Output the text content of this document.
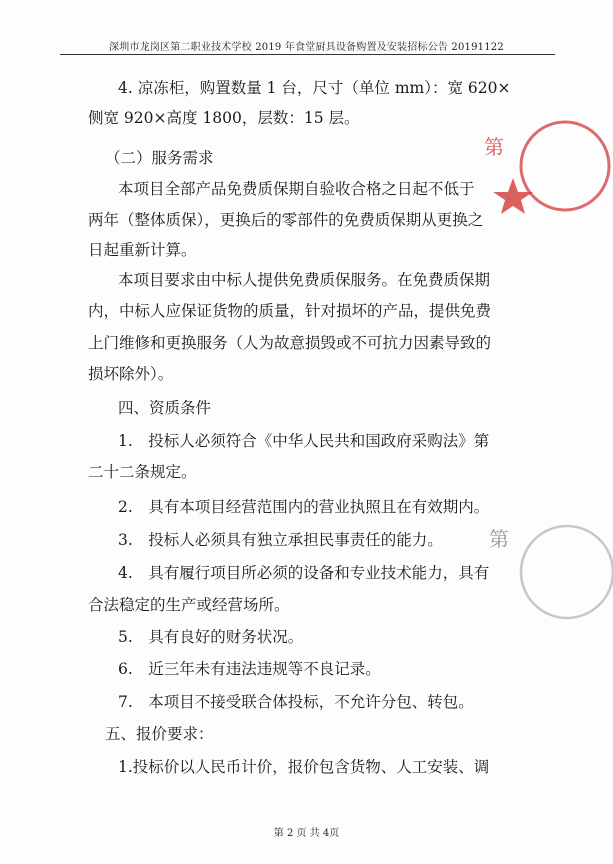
深圳市龙岗区第二职业技术学校 2019 年食堂厨具设备购置及安装招标公告 20191122
4. 凉冻柜，购置数量 1 台，尺寸（单位 mm）：宽 620×
侧宽 920×高度 1800，层数：15 层。
（二）服务需求
本项目全部产品免费质保期自验收合格之日起不低于
两年（整体质保），更换后的零部件的免费质保期从更换之
日起重新计算。
本项目要求由中标人提供免费质保服务。在免费质保期
内，中标人应保证货物的质量，针对损坏的产品，提供免费
上门维修和更换服务（人为故意损毁或不可抗力因素导致的
损坏除外）。
四、资质条件
1.　投标人必须符合《中华人民共和国政府采购法》第
二十二条规定。
2.　具有本项目经营范围内的营业执照且在有效期内。
3.　投标人必须具有独立承担民事责任的能力。
4.　具有履行项目所必须的设备和专业技术能力，具有
合法稳定的生产或经营场所。
5.　具有良好的财务状况。
6.　近三年未有违法违规等不良记录。
7.　本项目不接受联合体投标，不允许分包、转包。
五、报价要求：
1.投标价以人民币计价，报价包含货物、人工安装、调
第
第
第 2 页 共 4页
